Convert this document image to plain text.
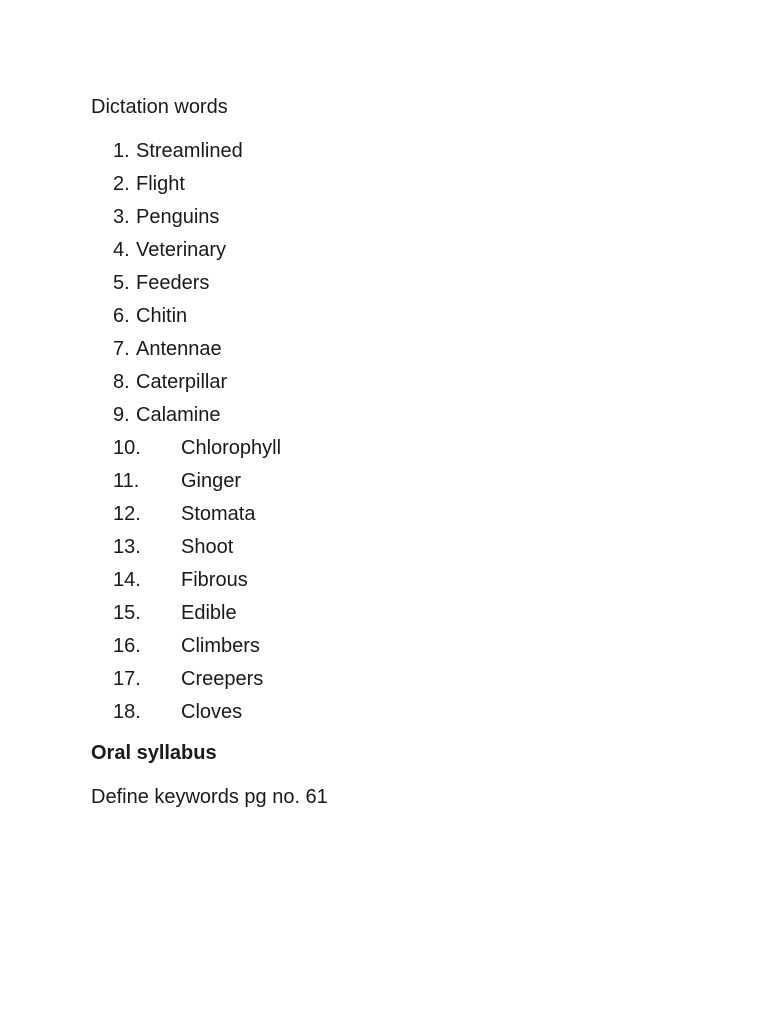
Dictation words
1. Streamlined
2. Flight
3. Penguins
4. Veterinary
5. Feeders
6. Chitin
7. Antennae
8. Caterpillar
9. Calamine
10. Chlorophyll
11. Ginger
12. Stomata
13. Shoot
14. Fibrous
15. Edible
16. Climbers
17. Creepers
18. Cloves
Oral syllabus
Define keywords pg no. 61
